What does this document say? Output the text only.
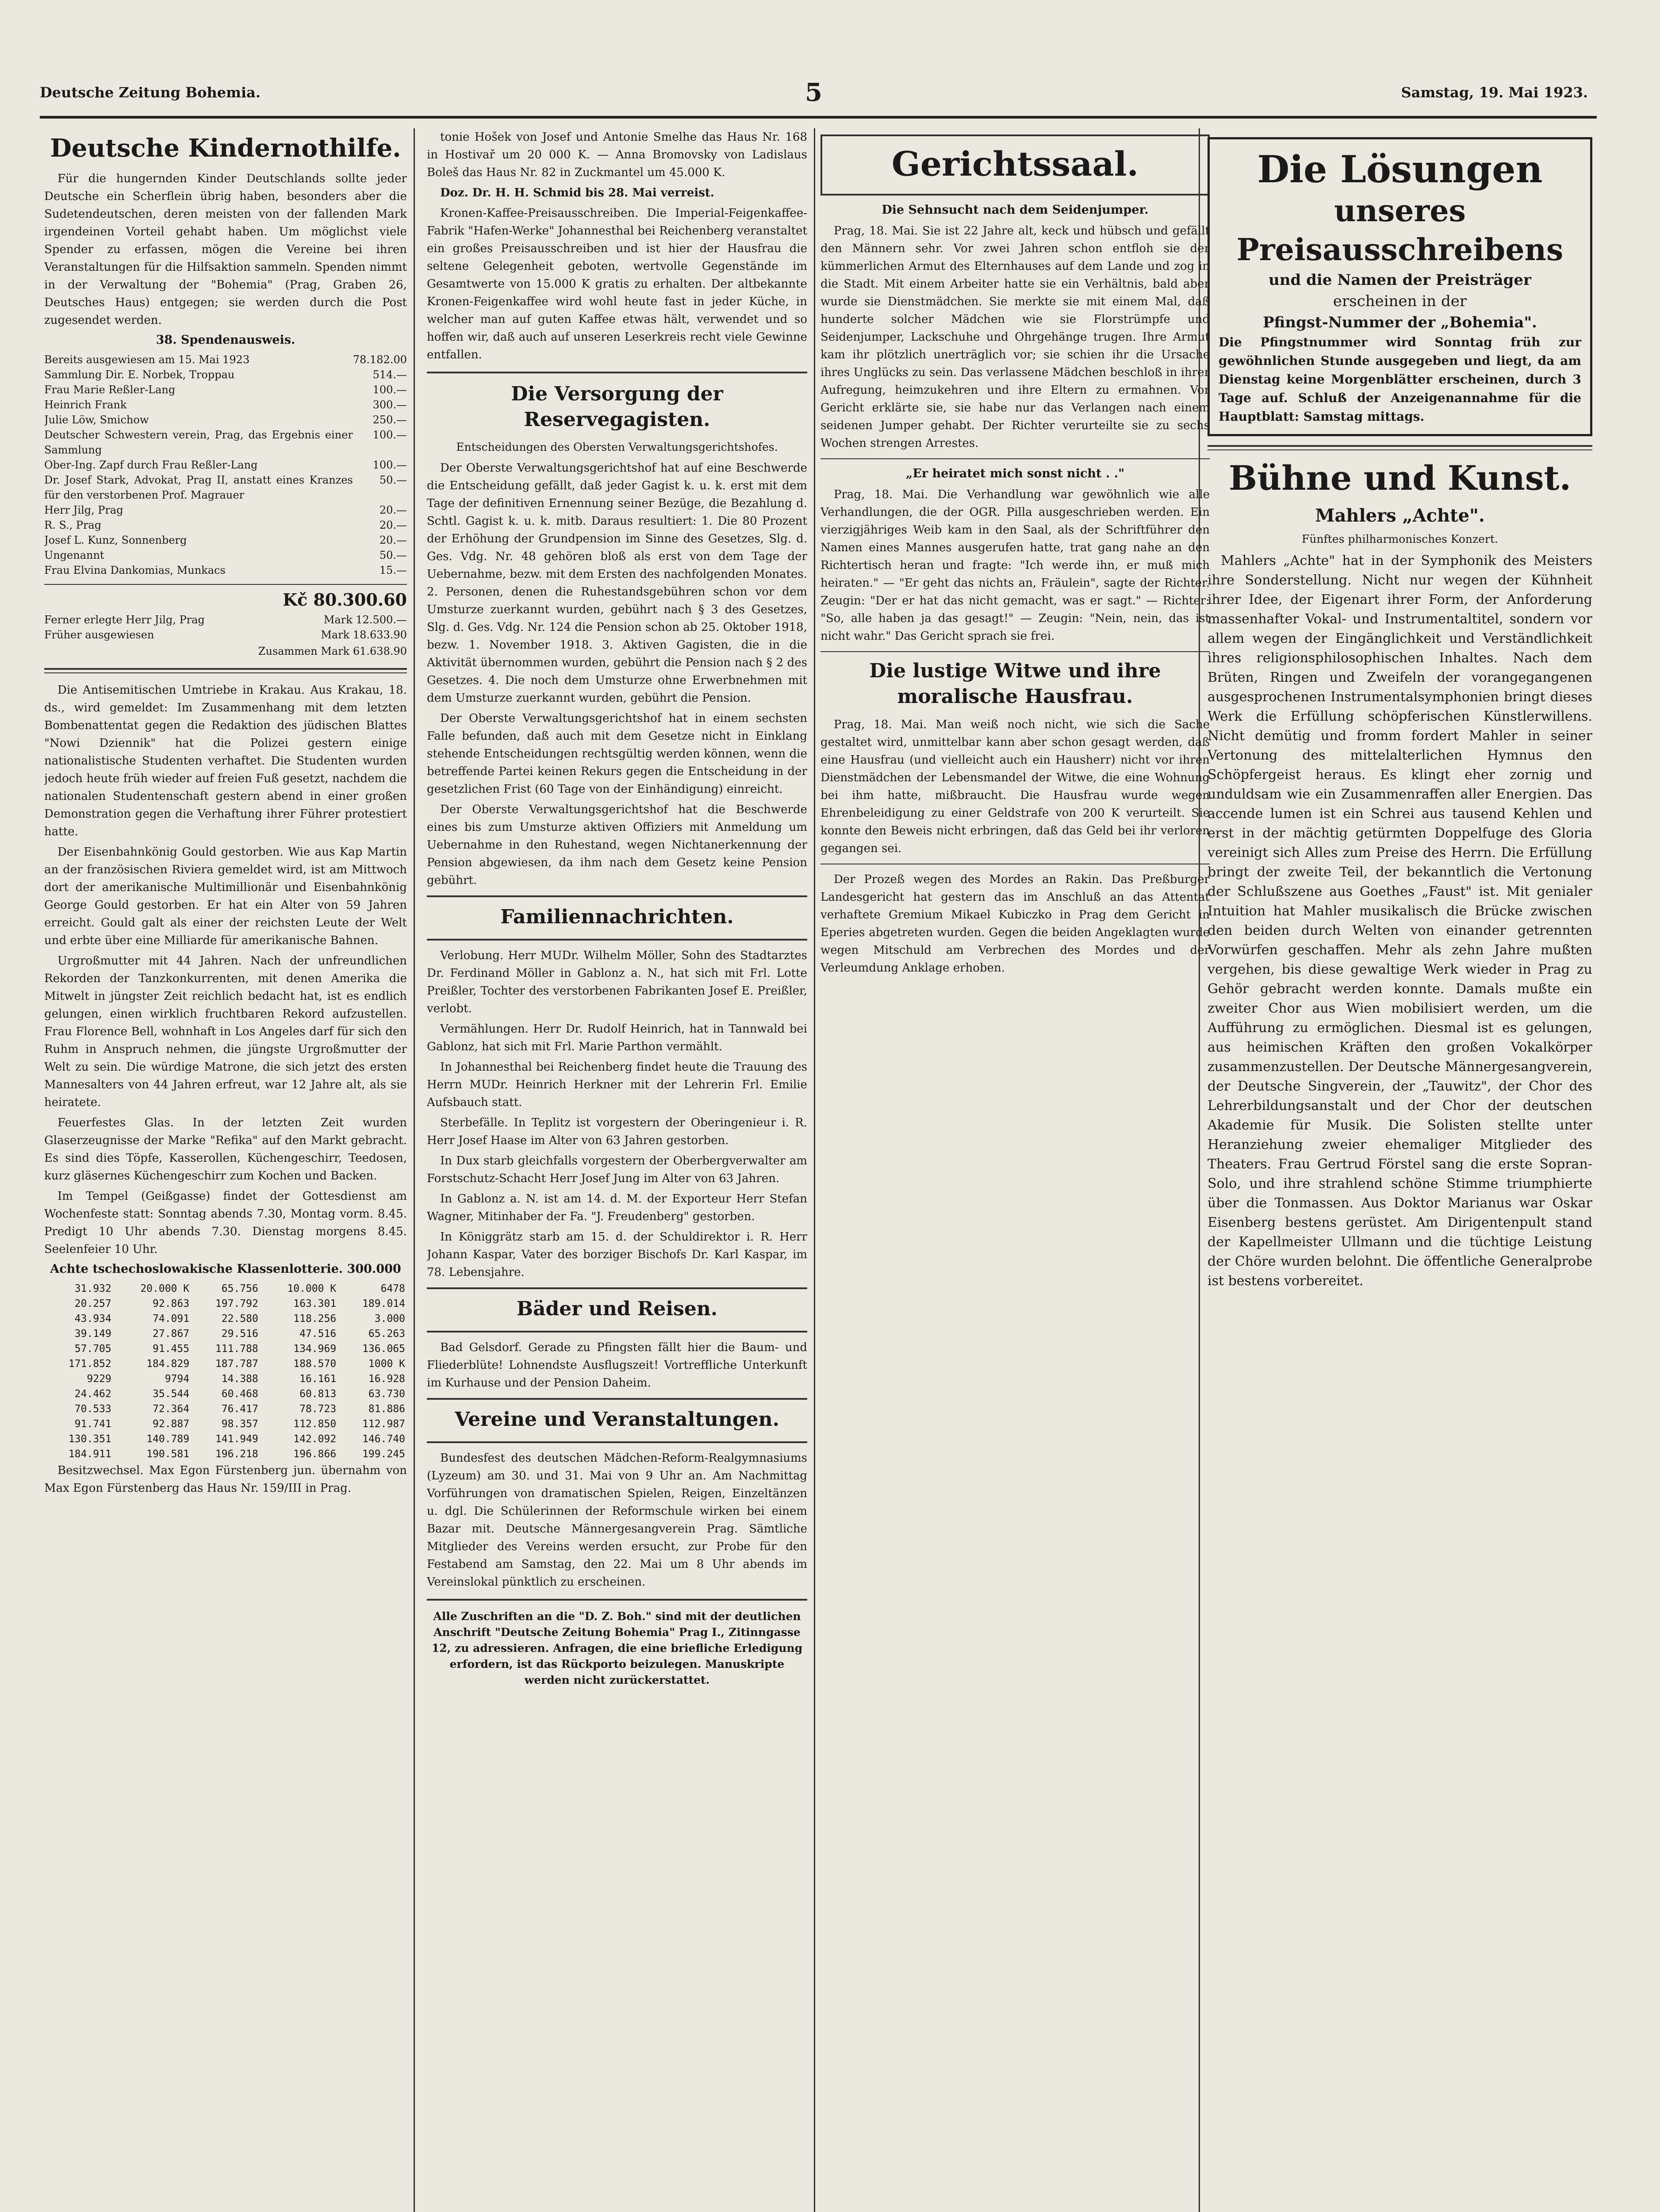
Deutsche Zeitung Bohemia.	5	Samstag, 19. Mai 1923.
Deutsche Kindernothilfe.

Für die hungernden Kinder Deutschlands sollte jeder Deutsche ein Scherflein übrig haben, besonders aber die Sudetendeutschen, deren meisten von der fallenden Mark irgendeinen Vorteil gehabt haben. Um möglichst viele Spender zu erfassen, mögen die Vereine bei ihren Veranstaltungen für die Hilfsaktion sammeln. Spenden nimmt in der Verwaltung der "Bohemia" (Prag, Graben 26, Deutsches Haus) entgegen; sie werden durch die Post zugesendet werden.

38. Spendenausweis.
Bereits ausgewiesen am 15. Mai 1923	78.182.00
Sammlung Dir. E. Norbek, Troppau	514.—
Frau Marie Reßler-Lang	100.—
Heinrich Frank	300.—
Julie Löw, Smichow	250.—
Deutscher Schwestern verein, Prag, das Ergebnis einer Sammlung	100.—
Ober-Ing. Zapf durch Frau Reßler-Lang	100.—
Dr. Josef Stark, Advokat, Prag II, anstatt eines Kranzes für den verstorbenen Prof. Magrauer	50.—
Herr Jilg, Prag	20.—
R. S., Prag	20.—
Josef L. Kunz, Sonnenberg	20.—
Ungenannt	50.—
Frau Elvina Dankomias, Munkacs	15.—
Kč 80.300.60
Ferner erlegte Herr Jilg, Prag	Mark 12.500.—
Früher ausgewiesen	Mark 18.633.90
Zusammen Mark 61.638.90

Die Antisemitischen Umtriebe in Krakau. Aus Krakau, 18. ds., wird gemeldet: Im Zusammenhang mit dem letzten Bombenattentat gegen die Redaktion des jüdischen Blattes "Nowi Dziennik" hat die Polizei gestern einige nationalistische Studenten verhaftet. Die Studenten wurden jedoch heute früh wieder auf freien Fuß gesetzt, nachdem die nationalen Studentenschaft gestern abend in einer großen Demonstration gegen die Verhaftung ihrer Führer protestiert hatte.

Der Eisenbahnkönig Gould gestorben. Wie aus Kap Martin an der französischen Riviera gemeldet wird, ist am Mittwoch dort der amerikanische Multimillionär und Eisenbahnkönig George Gould gestorben. Er hat ein Alter von 59 Jahren erreicht. Gould galt als einer der reichsten Leute der Welt und erbte über eine Milliarde für amerikanische Bahnen.

Urgroßmutter mit 44 Jahren. Nach der unfreundlichen Rekorden der Tanzkonkurrenten, mit denen Amerika die Mitwelt in jüngster Zeit reichlich bedacht hat, ist es endlich gelungen, einen wirklich fruchtbaren Rekord aufzustellen. Frau Florence Bell, wohnhaft in Los Angeles darf für sich den Ruhm in Anspruch nehmen, die jüngste Urgroßmutter der Welt zu sein. Die würdige Matrone, die sich jetzt des ersten Mannesalters von 44 Jahren erfreut, war 12 Jahre alt, als sie heiratete.

Feuerfestes Glas. In der letzten Zeit wurden Glaserzeugnisse der Marke "Refika" auf den Markt gebracht. Es sind dies Töpfe, Kasserollen, Küchengeschirr, Teedosen, kurz gläsernes Küchengeschirr zum Kochen und Backen.

Im Tempel (Geißgasse) findet der Gottesdienst am Wochenfeste statt: Sonntag abends 7.30, Montag vorm. 8.45. Predigt 10 Uhr abends 7.30. Dienstag morgens 8.45. Seelenfeier 10 Uhr.

Achte tschechoslowakische Klassenlotterie. 300.000
31.932	20.000 K	65.756	10.000 K	6478
20.257	92.863	197.792	163.301	189.014
43.934	74.091	22.580	118.256	3.000
39.149	27.867	29.516	47.516	65.263
57.705	91.455	111.788	134.969	136.065
171.852	184.829	187.787	188.570	1000 K
9229	9794	14.388	16.161	16.928
24.462	35.544	60.468	60.813	63.730
70.533	72.364	76.417	78.723	81.886
91.741	92.887	98.357	112.850	112.987
130.351	140.789	141.949	142.092	146.740
184.911	190.581	196.218	196.866	199.245

Besitzwechsel. Max Egon Fürstenberg jun. übernahm von Max Egon Fürstenberg das Haus Nr. 159/III in Prag.

tonie Hošek von Josef und Antonie Smelhe das Haus Nr. 168 in Hostivař um 20 000 K. — Anna Bromovsky von Ladislaus Boleš das Haus Nr. 82 in Zuckmantel um 45.000 K.

Doz. Dr. H. H. Schmid bis 28. Mai verreist.

Kronen-Kaffee-Preisausschreiben. Die Imperial-Feigenkaffee-Fabrik "Hafen-Werke" Johannesthal bei Reichenberg veranstaltet ein großes Preisausschreiben und ist hier der Hausfrau die seltene Gelegenheit geboten, wertvolle Gegenstände im Gesamtwerte von 15.000 K gratis zu erhalten. Der altbekannte Kronen-Feigenkaffee wird wohl heute fast in jeder Küche, in welcher man auf guten Kaffee etwas hält, verwendet und so hoffen wir, daß auch auf unseren Leserkreis recht viele Gewinne entfallen.

Die Versorgung der Reservegagisten.
Entscheidungen des Obersten Verwaltungsgerichtshofes.

Der Oberste Verwaltungsgerichtshof hat auf eine Beschwerde die Entscheidung gefällt, daß jeder Gagist k. u. k. erst mit dem Tage der definitiven Ernennung seiner Bezüge, die Bezahlung d. Schtl. Gagist k. u. k. mitb. Daraus resultiert: 1. Die 80 Prozent der Erhöhung der Grundpension im Sinne des Gesetzes, Slg. d. Ges. Vdg. Nr. 48 gehören bloß als erst von dem Tage der Uebernahme, bezw. mit dem Ersten des nachfolgenden Monates. 2. Personen, denen die Ruhestandsgebühren schon vor dem Umsturze zuerkannt wurden, gebührt nach § 3 des Gesetzes, Slg. d. Ges. Vdg. Nr. 124 die Pension schon ab 25. Oktober 1918, bezw. 1. November 1918. 3. Aktiven Gagisten, die in die Aktivität übernommen wurden, gebührt die Pension nach § 2 des Gesetzes. 4. Die noch dem Umsturze ohne Erwerbnehmen mit dem Umsturze zuerkannt wurden, gebührt die Pension.

Der Oberste Verwaltungsgerichtshof hat in einem sechsten Falle befunden, daß auch mit dem Gesetze nicht in Einklang stehende Entscheidungen rechtsgültig werden können, wenn die betreffende Partei keinen Rekurs gegen die Entscheidung in der gesetzlichen Frist (60 Tage von der Einhändigung) einreicht.

Der Oberste Verwaltungsgerichtshof hat die Beschwerde eines bis zum Umsturze aktiven Offiziers mit Anmeldung um Uebernahme in den Ruhestand, wegen Nichtanerkennung der Pension abgewiesen, da ihm nach dem Gesetz keine Pension gebührt.

Familiennachrichten.

Verlobung. Herr MUDr. Wilhelm Möller, Sohn des Stadtarztes Dr. Ferdinand Möller in Gablonz a. N., hat sich mit Frl. Lotte Preißler, Tochter des verstorbenen Fabrikanten Josef E. Preißler, verlobt.

Vermählungen. Herr Dr. Rudolf Heinrich, hat in Tannwald bei Gablonz, hat sich mit Frl. Marie Parthon vermählt.

In Johannesthal bei Reichenberg findet heute die Trauung des Herrn MUDr. Heinrich Herkner mit der Lehrerin Frl. Emilie Aufsbauch statt.

Sterbefälle. In Teplitz ist vorgestern der Oberingenieur i. R. Herr Josef Haase im Alter von 63 Jahren gestorben.

In Dux starb gleichfalls vorgestern der Oberbergverwalter am Forstschutz-Schacht Herr Josef Jung im Alter von 63 Jahren.

In Gablonz a. N. ist am 14. d. M. der Exporteur Herr Stefan Wagner, Mitinhaber der Fa. "J. Freudenberg" gestorben.

In Königgrätz starb am 15. d. der Schuldirektor i. R. Herr Johann Kaspar, Vater des borziger Bischofs Dr. Karl Kaspar, im 78. Lebensjahre.

Bäder und Reisen.

Bad Gelsdorf. Gerade zu Pfingsten fällt hier die Baum- und Fliederblüte! Lohnendste Ausflugszeit! Vortreffliche Unterkunft im Kurhause und der Pension Daheim.

Vereine und Veranstaltungen.

Bundesfest des deutschen Mädchen-Reform-Realgymnasiums (Lyzeum) am 30. und 31. Mai von 9 Uhr an. Am Nachmittag Vorführungen von dramatischen Spielen, Reigen, Einzeltänzen u. dgl. Die Schülerinnen der Reformschule wirken bei einem Bazar mit. Deutsche Männergesangverein Prag. Sämtliche Mitglieder des Vereins werden ersucht, zur Probe für den Festabend am Samstag, den 22. Mai um 8 Uhr abends im Vereinslokal pünktlich zu erscheinen.

Alle Zuschriften an die "D. Z. Boh." sind mit der deutlichen Anschrift "Deutsche Zeitung Bohemia" Prag I., Zitinngasse 12, zu adressieren. Anfragen, die eine briefliche Erledigung erfordern, ist das Rückporto beizulegen. Manuskripte werden nicht zurückerstattet.
Gerichtssaal.
Die Sehnsucht nach dem Seidenjumper.

Prag, 18. Mai. Sie ist 22 Jahre alt, keck und hübsch und gefällt den Männern sehr. Vor zwei Jahren schon entfloh sie der kümmerlichen Armut des Elternhauses auf dem Lande und zog in die Stadt. Mit einem Arbeiter hatte sie ein Verhältnis, bald aber wurde sie Dienstmädchen. Sie merkte sie mit einem Mal, daß hunderte solcher Mädchen wie sie Florstrümpfe und Seidenjumper, Lackschuhe und Ohrgehänge trugen. Ihre Armut kam ihr plötzlich unerträglich vor; sie schien ihr die Ursache ihres Unglücks zu sein. Das verlassene Mädchen beschloß in ihrer Aufregung, heimzukehren und ihre Eltern zu ermahnen. Vor Gericht erklärte sie, sie habe nur das Verlangen nach einem seidenen Jumper gehabt. Der Richter verurteilte sie zu sechs Wochen strengen Arrestes.

„Er heiratet mich sonst nicht . ."

Prag, 18. Mai. Die Verhandlung war gewöhnlich wie alle Verhandlungen, die der OGR. Pilla ausgeschrieben werden. Ein vierzigjähriges Weib kam in den Saal, als der Schriftführer den Namen eines Mannes ausgerufen hatte, trat gang nahe an den Richtertisch heran und fragte: "Ich werde ihn, er muß mich heiraten." — "Er geht das nichts an, Fräulein", sagte der Richter. Zeugin: "Der er hat das nicht gemacht, was er sagt." — Richter: "So, alle haben ja das gesagt!" — Zeugin: "Nein, nein, das ist nicht wahr." Das Gericht sprach sie frei.

Die lustige Witwe und ihre moralische Hausfrau.

Prag, 18. Mai. Man weiß noch nicht, wie sich die Sache gestaltet wird, unmittelbar kann aber schon gesagt werden, daß eine Hausfrau (und vielleicht auch ein Hausherr) nicht vor ihren Dienstmädchen der Lebensmandel der Witwe, die eine Wohnung bei ihm hatte, mißbraucht. Die Hausfrau wurde wegen Ehrenbeleidigung zu einer Geldstrafe von 200 K verurteilt. Sie konnte den Beweis nicht erbringen, daß das Geld bei ihr verloren gegangen sei.

Der Prozeß wegen des Mordes an Rakin. Das Preßburger Landesgericht hat gestern das im Anschluß an das Attentat verhaftete Gremium Mikael Kubiczko in Prag dem Gericht in Eperies abgetreten wurden. Gegen die beiden Angeklagten wurde wegen Mitschuld am Verbrechen des Mordes und der Verleumdung Anklage erhoben.

Die Lösungen
unseres Preisausschreibens
und die Namen der Preisträger
erscheinen in der
Pfingst-Nummer der „Bohemia".
Die Pfingstnummer wird Sonntag früh zur gewöhnlichen Stunde ausgegeben und liegt, da am Dienstag keine Morgenblätter erscheinen, durch 3 Tage auf. Schluß der Anzeigenannahme für die Hauptblatt: Samstag mittags.
Bühne und Kunst.
Mahlers „Achte".
Fünftes philharmonisches Konzert.

Mahlers „Achte" hat in der Symphonik des Meisters ihre Sonderstellung. Nicht nur wegen der Kühnheit ihrer Idee, der Eigenart ihrer Form, der Anforderung massenhafter Vokal- und Instrumentaltitel, sondern vor allem wegen der Eingänglichkeit und Verständlichkeit ihres religionsphilosophischen Inhaltes. Nach dem Brüten, Ringen und Zweifeln der vorangegangenen ausgesprochenen Instrumentalsymphonien bringt dieses Werk die Erfüllung schöpferischen Künstlerwillens. Nicht demütig und fromm fordert Mahler in seiner Vertonung des mittelalterlichen Hymnus den Schöpfergeist heraus. Es klingt eher zornig und unduldsam wie ein Zusammenraffen aller Energien. Das accende lumen ist ein Schrei aus tausend Kehlen und erst in der mächtig getürmten Doppelfuge des Gloria vereinigt sich Alles zum Preise des Herrn. Die Erfüllung bringt der zweite Teil, der bekanntlich die Vertonung der Schlußszene aus Goethes „Faust" ist. Mit genialer Intuition hat Mahler musikalisch die Brücke zwischen den beiden durch Welten von einander getrennten Vorwürfen geschaffen. Mehr als zehn Jahre mußten vergehen, bis diese gewaltige Werk wieder in Prag zu Gehör gebracht werden konnte. Damals mußte ein zweiter Chor aus Wien mobilisiert werden, um die Aufführung zu ermöglichen. Diesmal ist es gelungen, aus heimischen Kräften den großen Vokalkörper zusammenzustellen. Der Deutsche Männergesangverein, der Deutsche Singverein, der „Tauwitz", der Chor des Lehrerbildungsanstalt und der Chor der deutschen Akademie für Musik. Die Solisten stellte unter Heranziehung zweier ehemaliger Mitglieder des Theaters. Frau Gertrud Förstel sang die erste Sopran-Solo, und ihre strahlend schöne Stimme triumphierte über die Tonmassen. Aus Doktor Marianus war Oskar Eisenberg bestens gerüstet. Am Dirigentenpult stand der Kapellmeister Ullmann und die tüchtige Leistung der Chöre wurden belohnt. Die öffentliche Generalprobe ist bestens vorbereitet.
